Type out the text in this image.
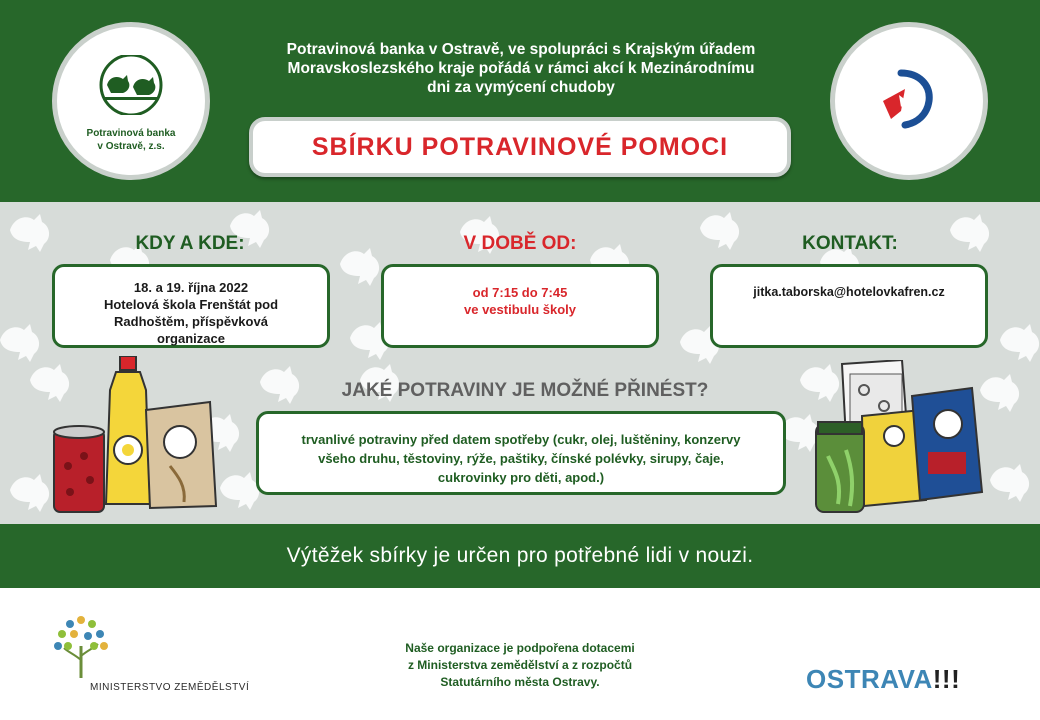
Potravinová banka
v Ostravě, z.s.
Potravinová banka v Ostravě, ve spolupráci s Krajským úřadem
Moravskoslezského kraje pořádá v rámci akcí k Mezinárodnímu
dni za vymýcení chudoby
SBÍRKU POTRAVINOVÉ POMOCI
KDY A KDE:	V DOBĚ OD:	KONTAKT:
18. a 19. října 2022
Hotelová škola Frenštát pod
Radhoštěm, příspěvková
organizace
od 7:15 do 7:45
ve vestibulu školy
jitka.taborska@hotelovkafren.cz
JAKÉ POTRAVINY JE MOŽNÉ PŘINÉST?
trvanlivé potraviny před datem spotřeby (cukr, olej, luštěniny, konzervy
všeho druhu, těstoviny, rýže, paštiky, čínské polévky, sirupy, čaje,
cukrovinky pro děti, apod.)
Výtěžek sbírky je určen pro potřebné lidi v nouzi.
MINISTERSTVO ZEMĚDĚLSTVÍ
Naše organizace je podpořena dotacemi
z Ministerstva zemědělství a z rozpočtů
Statutárního města Ostravy.	OSTRAVA!!!
